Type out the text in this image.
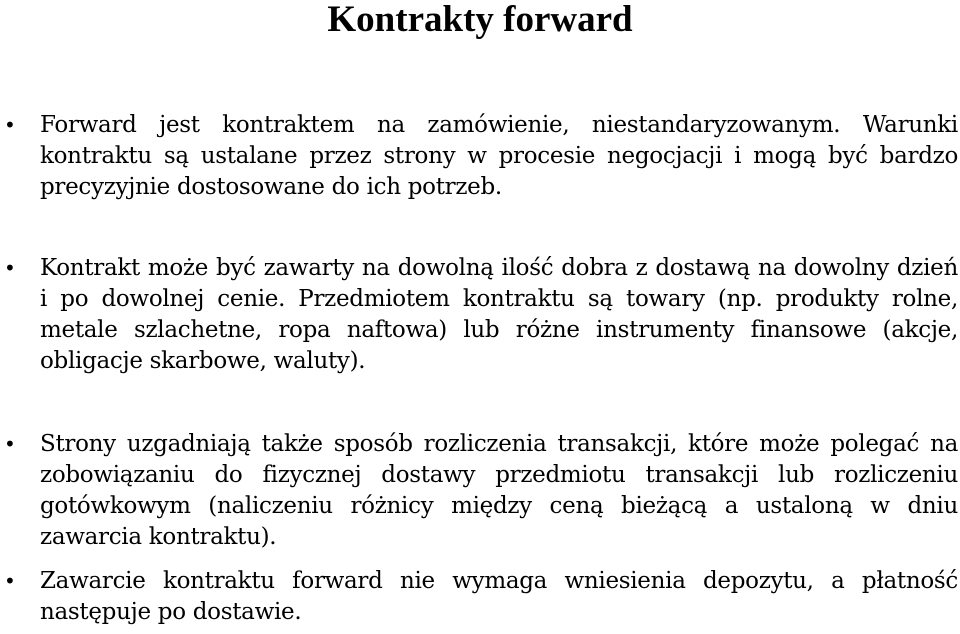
Kontrakty forward
• Forward jest kontraktem na zamówienie, niestandaryzowanym. Warunki kontraktu są ustalane przez strony w procesie negocjacji i mogą być bardzo precyzyjnie dostosowane do ich potrzeb.
• Kontrakt może być zawarty na dowolną ilość dobra z dostawą na dowolny dzień i po dowolnej cenie. Przedmiotem kontraktu są towary (np. produkty rolne, metale szlachetne, ropa naftowa) lub różne instrumenty finansowe (akcje, obligacje skarbowe, waluty).
• Strony uzgadniają także sposób rozliczenia transakcji, które może polegać na zobowiązaniu do fizycznej dostawy przedmiotu transakcji lub rozliczeniu gotówkowym (naliczeniu różnicy między ceną bieżącą a ustaloną w dniu zawarcia kontraktu).
• Zawarcie kontraktu forward nie wymaga wniesienia depozytu, a płatność następuje po dostawie.
